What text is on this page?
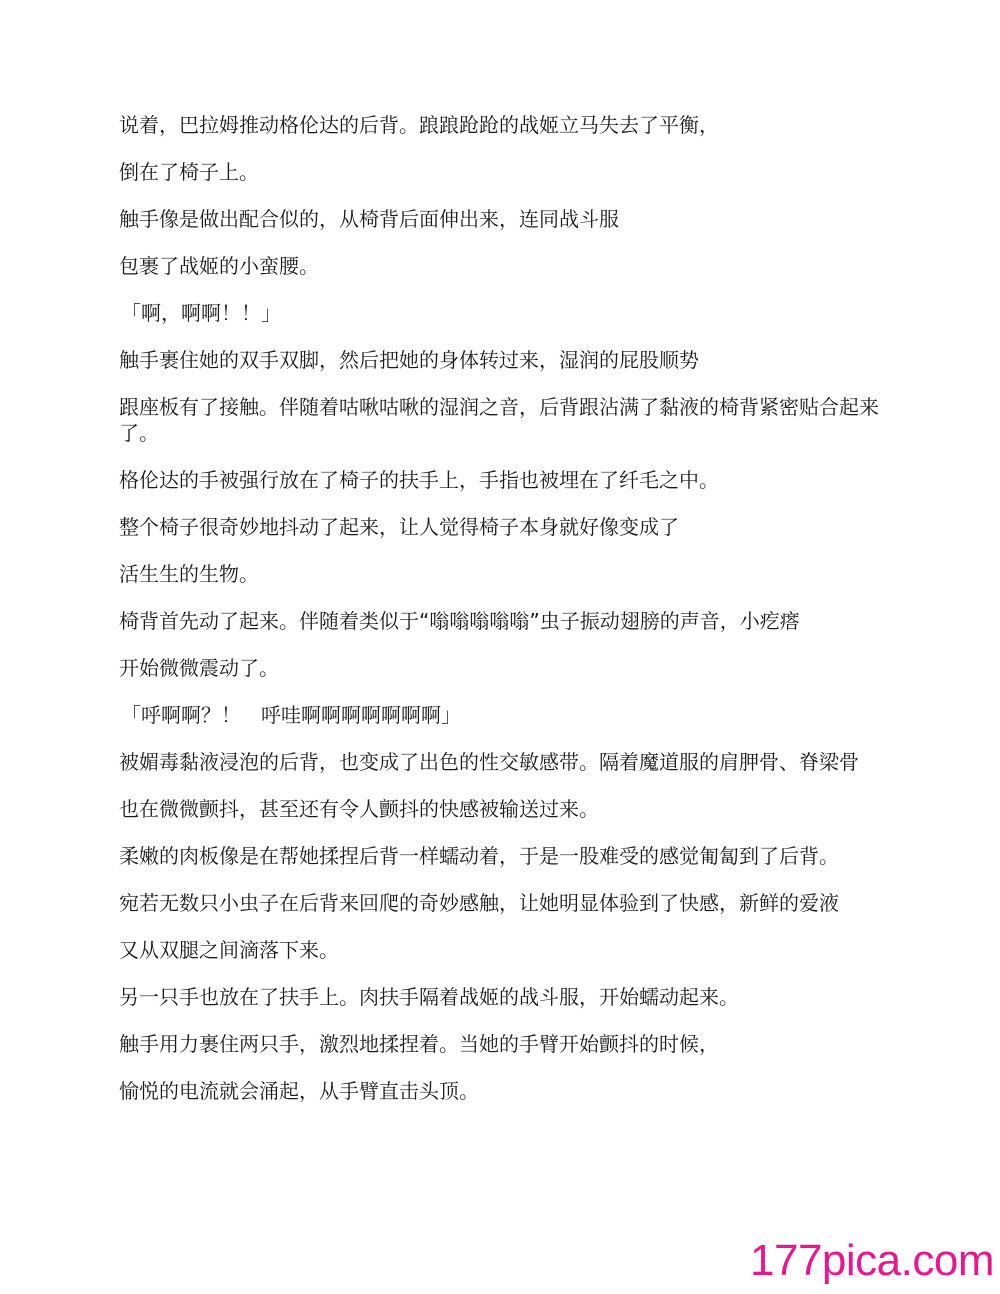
说着，巴拉姆推动格伦达的后背。踉踉跄跄的战姬立马失去了平衡，

倒在了椅子上。

触手像是做出配合似的，从椅背后面伸出来，连同战斗服

包裹了战姬的小蛮腰。

「啊，啊啊！！」

触手裹住她的双手双脚，然后把她的身体转过来，湿润的屁股顺势

跟座板有了接触。伴随着咕啾咕啾的湿润之音，后背跟沾满了黏液的椅背紧密贴合起来了。

格伦达的手被强行放在了椅子的扶手上，手指也被埋在了纤毛之中。

整个椅子很奇妙地抖动了起来，让人觉得椅子本身就好像变成了

活生生的生物。

椅背首先动了起来。伴随着类似于“嗡嗡嗡嗡嗡”虫子振动翅膀的声音，小疙瘩

开始微微震动了。

「呼啊啊？！　呼哇啊啊啊啊啊啊啊」

被媚毒黏液浸泡的后背，也变成了出色的性交敏感带。隔着魔道服的肩胛骨、脊梁骨

也在微微颤抖，甚至还有令人颤抖的快感被输送过来。

柔嫩的肉板像是在帮她揉捏后背一样蠕动着，于是一股难受的感觉匍匐到了后背。

宛若无数只小虫子在后背来回爬的奇妙感触，让她明显体验到了快感，新鲜的爱液

又从双腿之间滴落下来。

另一只手也放在了扶手上。肉扶手隔着战姬的战斗服，开始蠕动起来。

触手用力裹住两只手，激烈地揉捏着。当她的手臂开始颤抖的时候，

愉悦的电流就会涌起，从手臂直击头顶。

177pica.com
